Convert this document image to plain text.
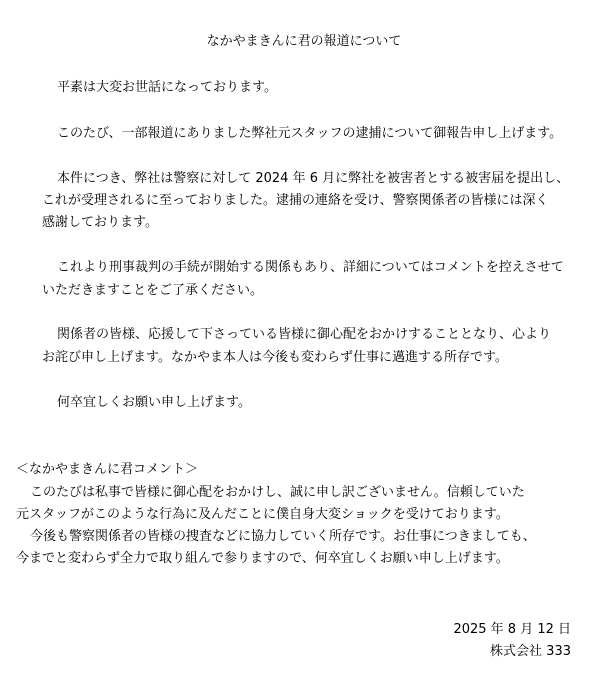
なかやまきんに君の報道について
平素は大変お世話になっております。
このたび、一部報道にありました弊社元スタッフの逮捕について御報告申し上げます。
本件につき、弊社は警察に対して 2024 年 6 月に弊社を被害者とする被害届を提出し、
これが受理されるに至っておりました。逮捕の連絡を受け、警察関係者の皆様には深く
感謝しております。
これより刑事裁判の手続が開始する関係もあり、詳細についてはコメントを控えさせて
いただきますことをご了承ください。
関係者の皆様、応援して下さっている皆様に御心配をおかけすることとなり、心より
お詫び申し上げます。なかやま本人は今後も変わらず仕事に邁進する所存です。
何卒宜しくお願い申し上げます。
＜なかやまきんに君コメント＞
このたびは私事で皆様に御心配をおかけし、誠に申し訳ございません。信頼していた
元スタッフがこのような行為に及んだことに僕自身大変ショックを受けております。
今後も警察関係者の皆様の捜査などに協力していく所存です。お仕事につきましても、
今までと変わらず全力で取り組んで参りますので、何卒宜しくお願い申し上げます。
2025 年 8 月 12 日
株式会社 333
